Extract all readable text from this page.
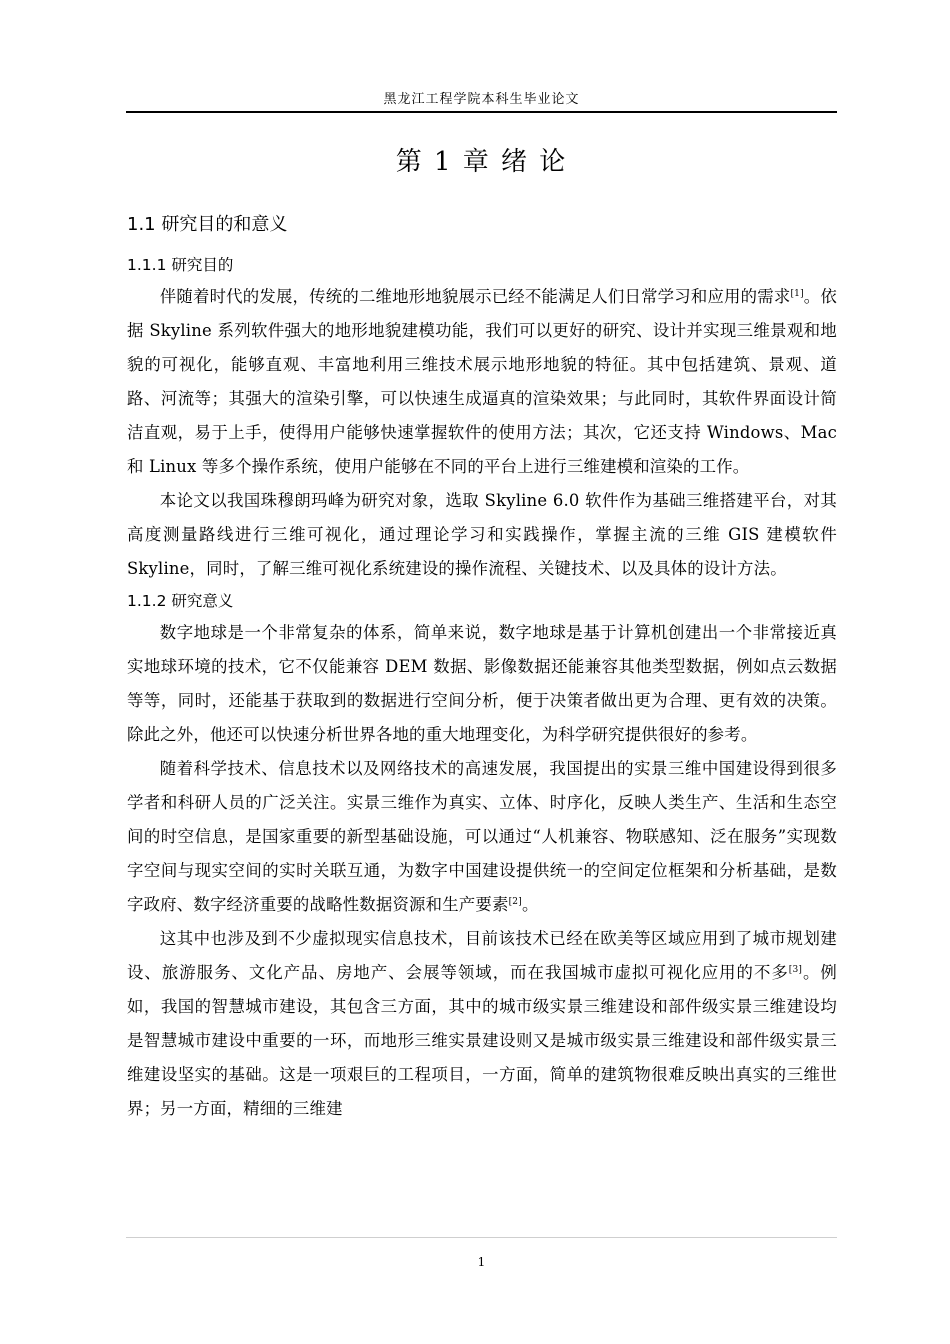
黑龙江工程学院本科生毕业论文
第 1 章 绪 论
1.1 研究目的和意义
1.1.1 研究目的

伴随着时代的发展，传统的二维地形地貌展示已经不能满足人们日常学习和应用的需求[1]。依据 Skyline 系列软件强大的地形地貌建模功能，我们可以更好的研究、设计并实现三维景观和地貌的可视化，能够直观、丰富地利用三维技术展示地形地貌的特征。其中包括建筑、景观、道路、河流等；其强大的渲染引擎，可以快速生成逼真的渲染效果；与此同时，其软件界面设计简洁直观，易于上手，使得用户能够快速掌握软件的使用方法；其次，它还支持 Windows、Mac 和 Linux 等多个操作系统，使用户能够在不同的平台上进行三维建模和渲染的工作。

本论文以我国珠穆朗玛峰为研究对象，选取 Skyline 6.0 软件作为基础三维搭建平台，对其高度测量路线进行三维可视化，通过理论学习和实践操作，掌握主流的三维 GIS 建模软件 Skyline，同时，了解三维可视化系统建设的操作流程、关键技术、以及具体的设计方法。

1.1.2 研究意义

数字地球是一个非常复杂的体系，简单来说，数字地球是基于计算机创建出一个非常接近真实地球环境的技术，它不仅能兼容 DEM 数据、影像数据还能兼容其他类型数据，例如点云数据等等，同时，还能基于获取到的数据进行空间分析，便于决策者做出更为合理、更有效的决策。除此之外，他还可以快速分析世界各地的重大地理变化，为科学研究提供很好的参考。

随着科学技术、信息技术以及网络技术的高速发展，我国提出的实景三维中国建设得到很多学者和科研人员的广泛关注。实景三维作为真实、立体、时序化，反映人类生产、生活和生态空间的时空信息，是国家重要的新型基础设施，可以通过“人机兼容、物联感知、泛在服务”实现数字空间与现实空间的实时关联互通，为数字中国建设提供统一的空间定位框架和分析基础，是数字政府、数字经济重要的战略性数据资源和生产要素[2]。

这其中也涉及到不少虚拟现实信息技术，目前该技术已经在欧美等区域应用到了城市规划建设、旅游服务、文化产品、房地产、会展等领域，而在我国城市虚拟可视化应用的不多[3]。例如，我国的智慧城市建设，其包含三方面，其中的城市级实景三维建设和部件级实景三维建设均是智慧城市建设中重要的一环，而地形三维实景建设则又是城市级实景三维建设和部件级实景三维建设坚实的基础。这是一项艰巨的工程项目，一方面，简单的建筑物很难反映出真实的三维世界；另一方面，精细的三维建

1
